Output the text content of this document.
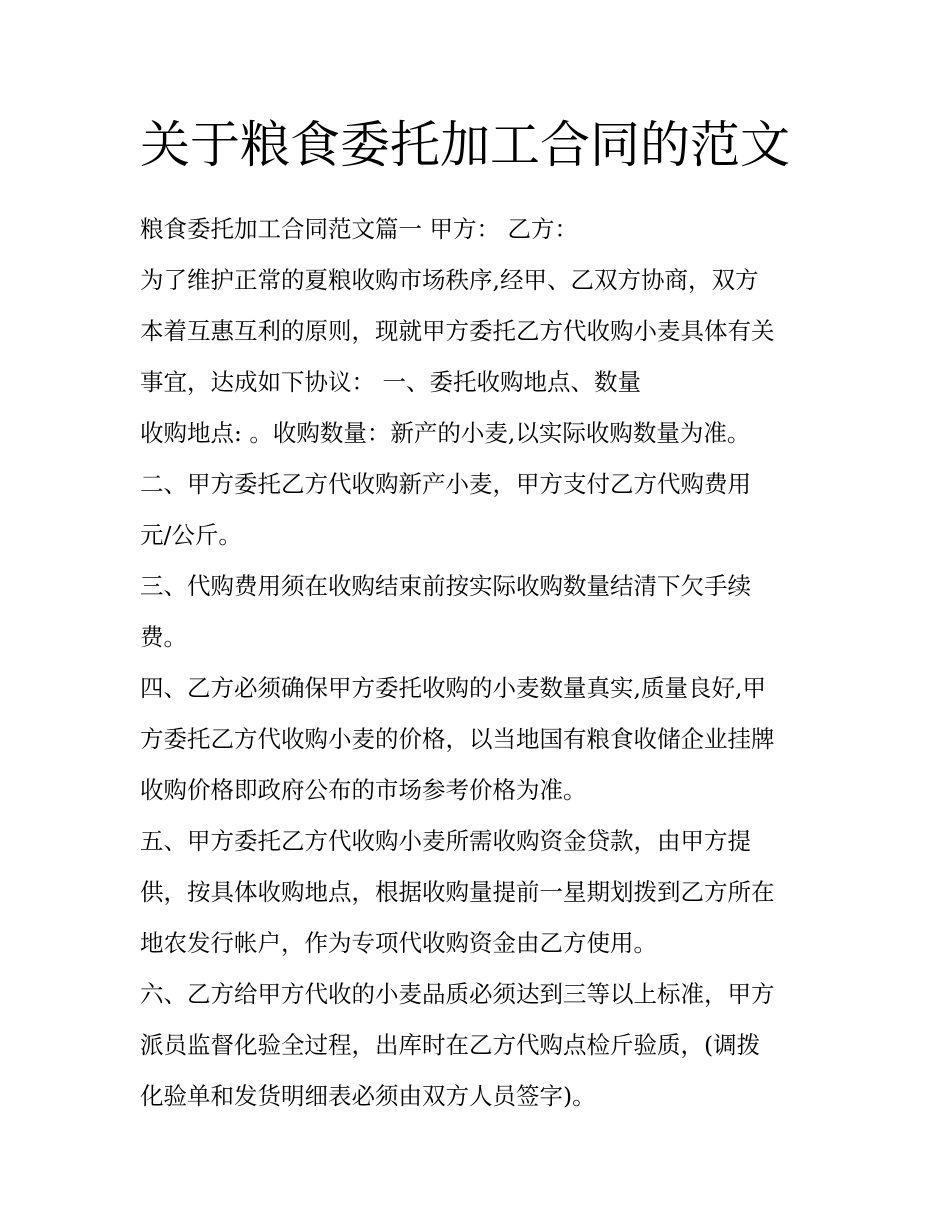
关于粮食委托加工合同的范文
粮食委托加工合同范文篇一 甲方： 乙方：
为了维护正常的夏粮收购市场秩序,经甲、乙双方协商，双方
本着互惠互利的原则，现就甲方委托乙方代收购小麦具体有关
事宜，达成如下协议： 一、委托收购地点、数量
收购地点: 。收购数量：新产的小麦,以实际收购数量为准。
二、甲方委托乙方代收购新产小麦，甲方支付乙方代购费用
元/公斤。
三、代购费用须在收购结束前按实际收购数量结清下欠手续
费。
四、乙方必须确保甲方委托收购的小麦数量真实,质量良好,甲
方委托乙方代收购小麦的价格，以当地国有粮食收储企业挂牌
收购价格即政府公布的市场参考价格为准。
五、甲方委托乙方代收购小麦所需收购资金贷款，由甲方提
供，按具体收购地点，根据收购量提前一星期划拨到乙方所在
地农发行帐户，作为专项代收购资金由乙方使用。
六、乙方给甲方代收的小麦品质必须达到三等以上标准，甲方
派员监督化验全过程，出库时在乙方代购点检斤验质，(调拨
化验单和发货明细表必须由双方人员签字)。
